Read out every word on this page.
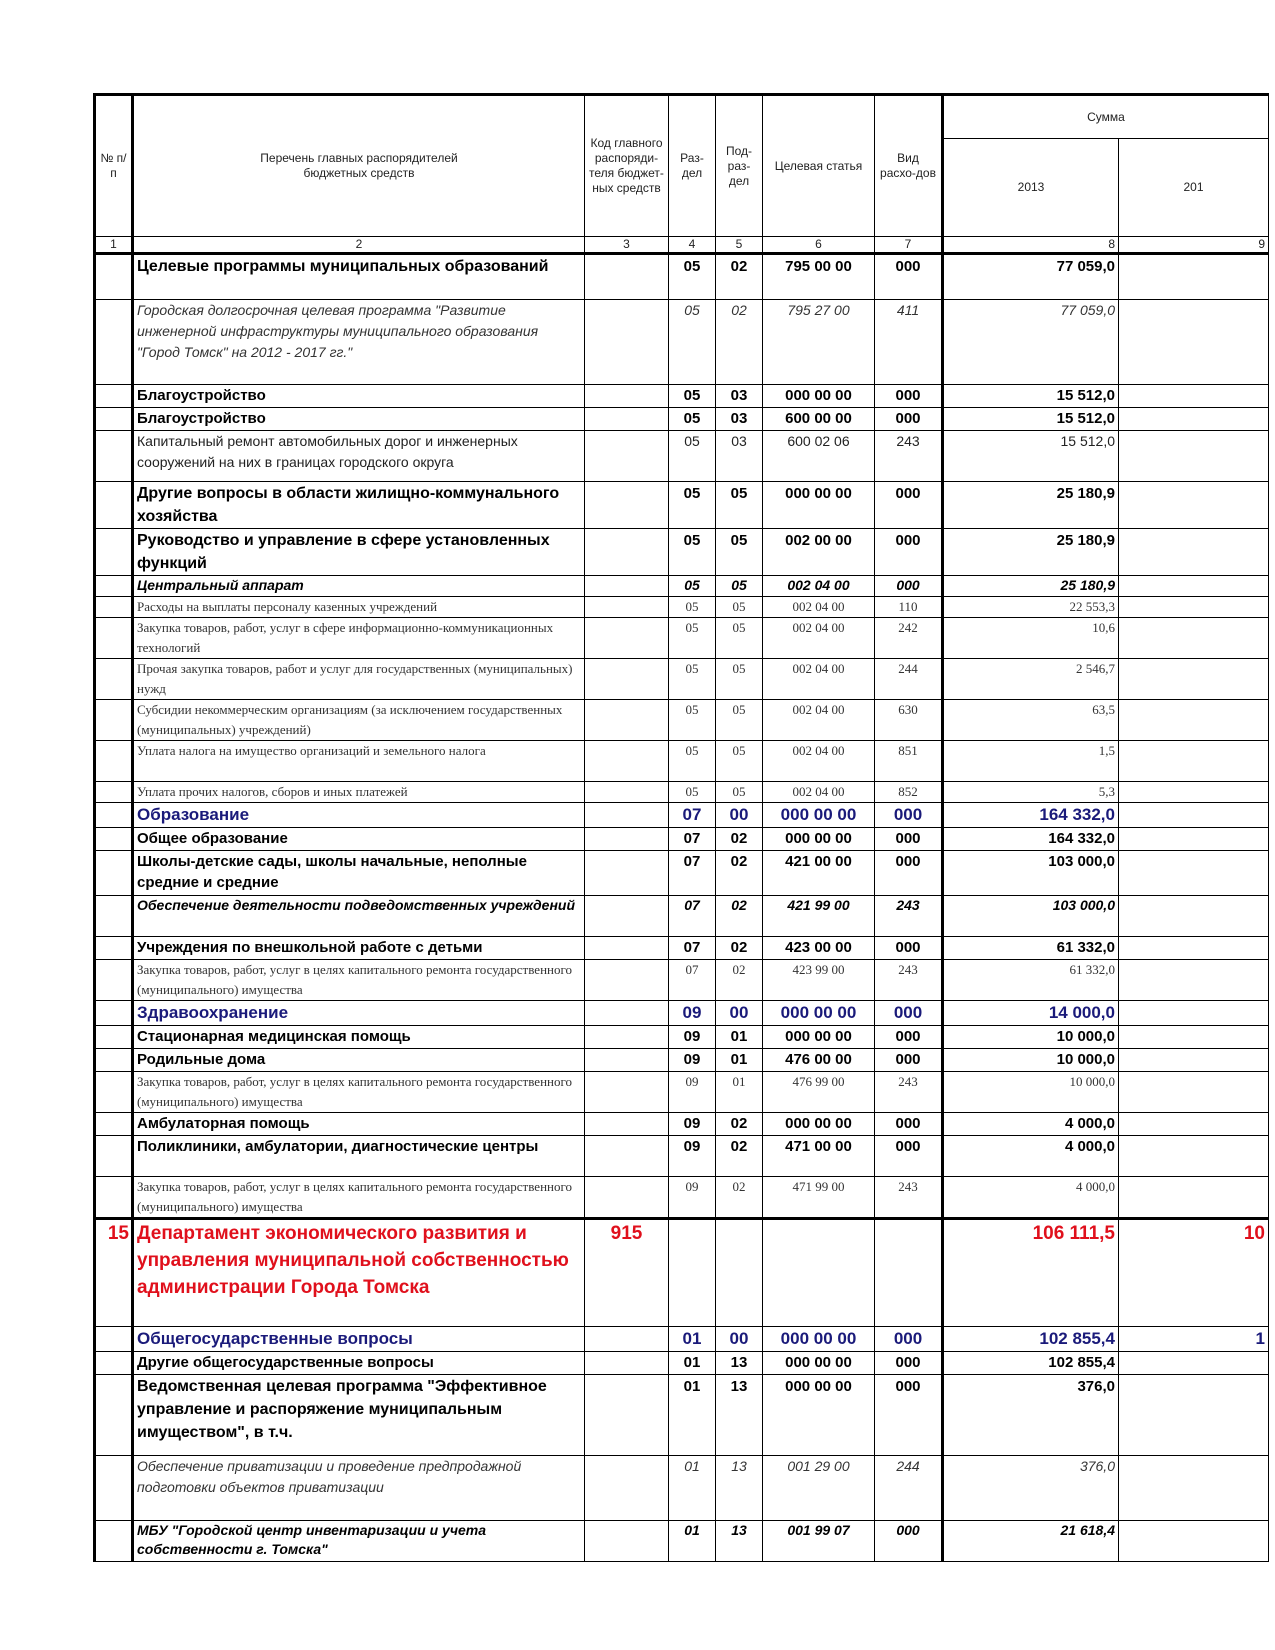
№ п/п	Перечень главных распорядителей бюджетных средств	Код главного распоряди-теля бюджет-ных средств	Раз-дел	Под-раз-дел	Целевая статья	Вид расхо-дов	Сумма	
							2013	201
1	2	3	4	5	6	7	8	9
	Целевые программы муниципальных образований		05	02	795 00 00	000	77 059,0	
	Городская долгосрочная целевая программа "Развитие инженерной инфраструктуры муниципального образования "Город Томск" на 2012 - 2017 гг."		05	02	795 27 00	411	77 059,0	
	Благоустройство		05	03	000 00 00	000	15 512,0	
	Благоустройство		05	03	600 00 00	000	15 512,0	
	Капитальный ремонт автомобильных дорог и инженерных сооружений на них в границах городского округа		05	03	600 02 06	243	15 512,0	
	Другие вопросы в области жилищно-коммунального хозяйства		05	05	000 00 00	000	25 180,9	
	Руководство и управление в сфере установленных функций		05	05	002 00 00	000	25 180,9	
	Центральный аппарат		05	05	002 04 00	000	25 180,9	
	Расходы на выплаты персоналу казенных учреждений		05	05	002 04 00	110	22 553,3	
	Закупка товаров, работ, услуг в сфере информационно-коммуникационных технологий		05	05	002 04 00	242	10,6	
	Прочая закупка товаров, работ и услуг для государственных (муниципальных) нужд		05	05	002 04 00	244	2 546,7	
	Субсидии некоммерческим организациям (за исключением государственных (муниципальных) учреждений)		05	05	002 04 00	630	63,5	
	Уплата налога на имущество организаций и земельного налога		05	05	002 04 00	851	1,5	
	Уплата прочих налогов, сборов и иных платежей		05	05	002 04 00	852	5,3	
	Образование		07	00	000 00 00	000	164 332,0	
	Общее образование		07	02	000 00 00	000	164 332,0	
	Школы-детские сады, школы начальные, неполные средние и средние		07	02	421 00 00	000	103 000,0	
	Обеспечение деятельности подведомственных учреждений		07	02	421 99 00	243	103 000,0	
	Учреждения по внешкольной работе с детьми		07	02	423 00 00	000	61 332,0	
	Закупка товаров, работ, услуг в целях капитального ремонта государственного (муниципального) имущества		07	02	423 99 00	243	61 332,0	
	Здравоохранение		09	00	000 00 00	000	14 000,0	
	Стационарная медицинская помощь		09	01	000 00 00	000	10 000,0	
	Родильные дома		09	01	476 00 00	000	10 000,0	
	Закупка товаров, работ, услуг в целях капитального ремонта государственного (муниципального) имущества		09	01	476 99 00	243	10 000,0	
	Амбулаторная помощь		09	02	000 00 00	000	4 000,0	
	Поликлиники, амбулатории, диагностические центры		09	02	471 00 00	000	4 000,0	
	Закупка товаров, работ, услуг в целях капитального ремонта государственного (муниципального) имущества		09	02	471 99 00	243	4 000,0	
15	Департамент экономического развития и управления муниципальной собственностью администрации Города Томска	915					106 111,5	10
	Общегосударственные вопросы		01	00	000 00 00	000	102 855,4	1
	Другие общегосударственные вопросы		01	13	000 00 00	000	102 855,4	
	Ведомственная целевая программа "Эффективное управление и распоряжение муниципальным имуществом", в т.ч.		01	13	000 00 00	000	376,0	
	Обеспечение приватизации и проведение предпродажной подготовки объектов приватизации		01	13	001 29 00	244	376,0	
	МБУ "Городской центр инвентаризации и учета собственности г. Томска"		01	13	001 99 07	000	21 618,4	
